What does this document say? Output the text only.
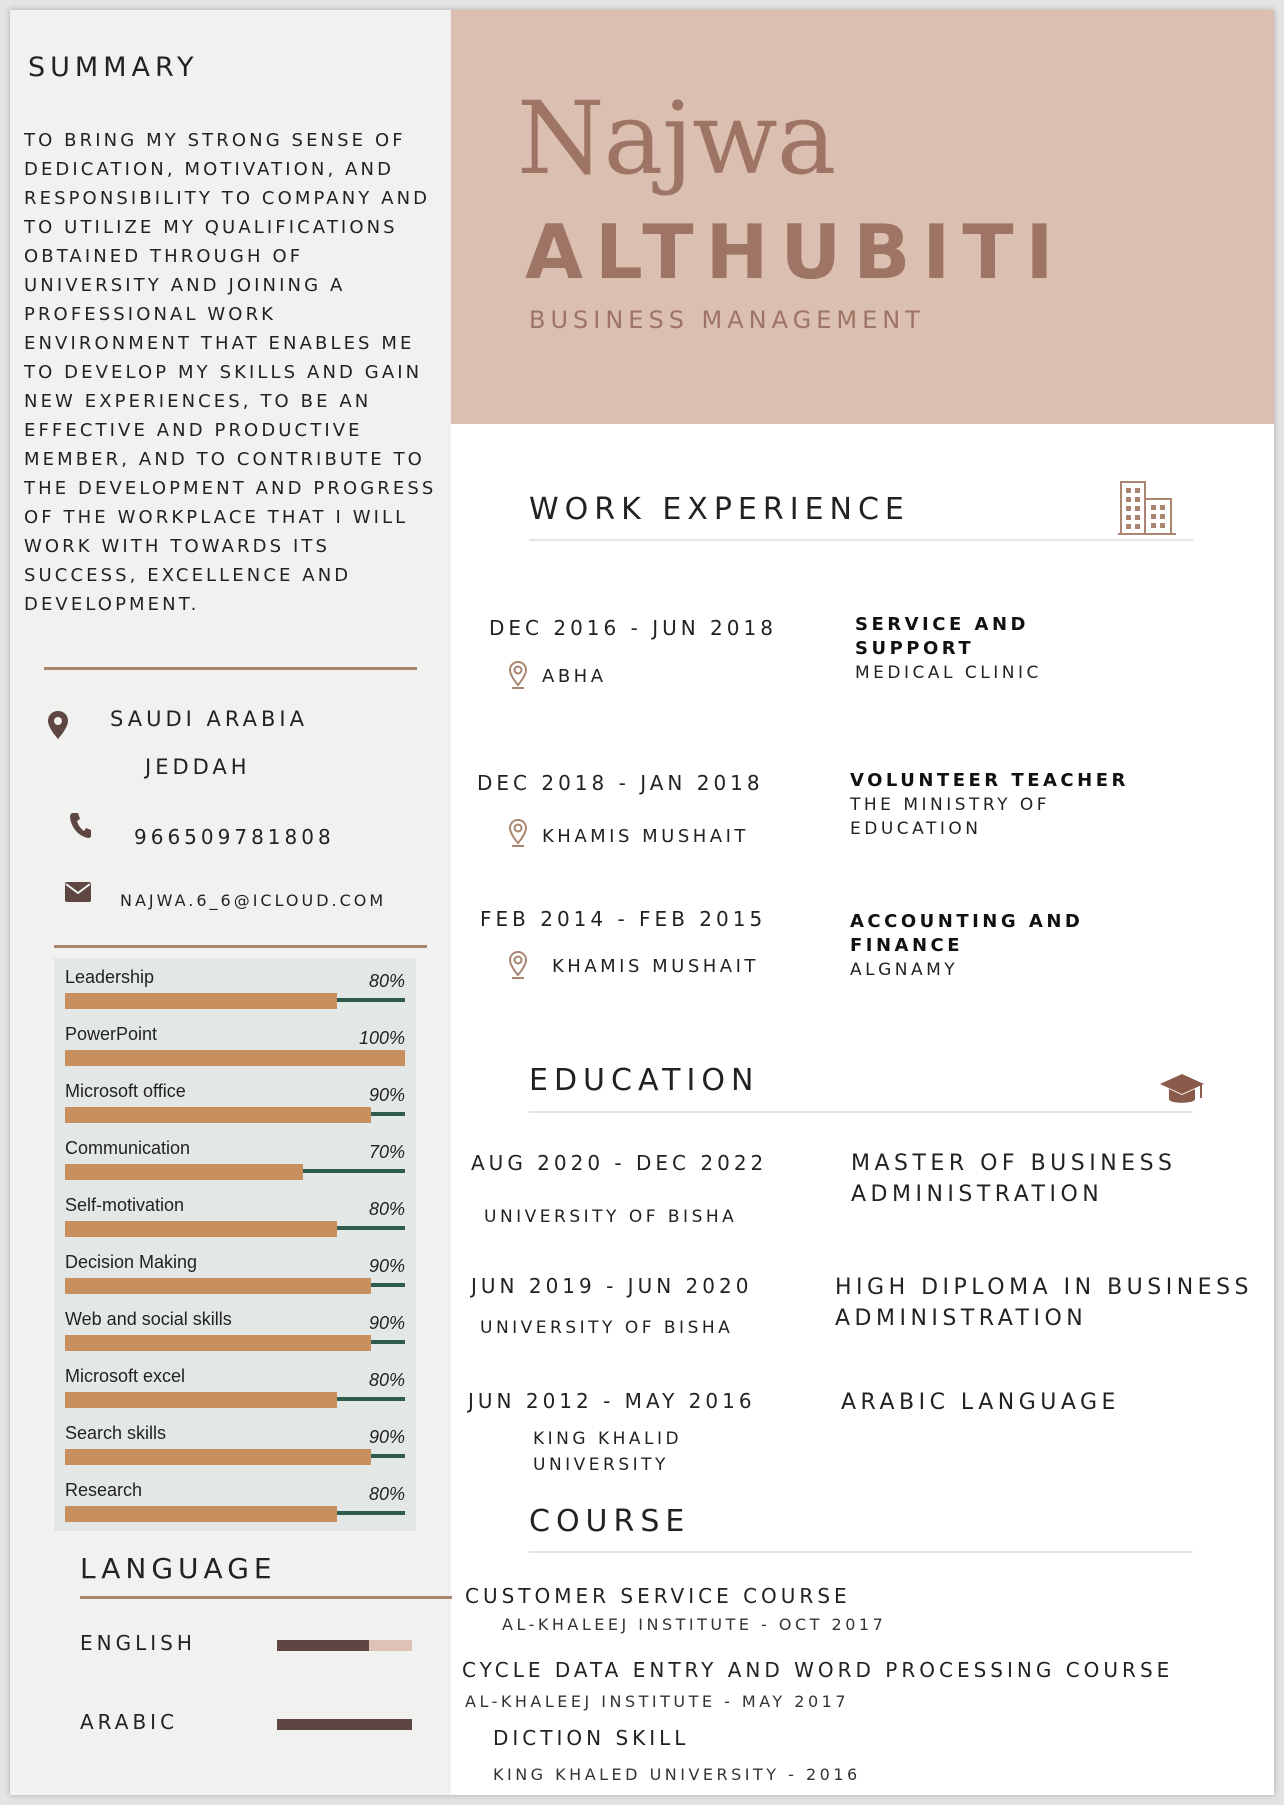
SUMMARY
TO BRING MY STRONG SENSE OF DEDICATION, MOTIVATION, AND RESPONSIBILITY TO COMPANY AND TO UTILIZE MY QUALIFICATIONS OBTAINED THROUGH OF UNIVERSITY AND JOINING A PROFESSIONAL WORK ENVIRONMENT THAT ENABLES ME TO DEVELOP MY SKILLS AND GAIN NEW EXPERIENCES, TO BE AN EFFECTIVE AND PRODUCTIVE MEMBER, AND TO CONTRIBUTE TO THE DEVELOPMENT AND PROGRESS OF THE WORKPLACE THAT I WILL WORK WITH TOWARDS ITS SUCCESS, EXCELLENCE AND DEVELOPMENT.
SAUDI ARABIA
JEDDAH
966509781808
NAJWA.6_6@ICLOUD.COM
Leadership	80%
PowerPoint	100%
Microsoft office	90%
Communication	70%
Self-motivation	80%
Decision Making	90%
Web and social skills	90%
Microsoft excel	80%
Search skills	90%
Research	80%
LANGUAGE
ENGLISH
ARABIC
Najwa
ALTHUBITI
BUSINESS MANAGEMENT
WORK EXPERIENCE
DEC 2016 - JUN 2018
ABHA
SERVICE AND SUPPORT
MEDICAL CLINIC
DEC 2018 - JAN 2018
KHAMIS MUSHAIT
VOLUNTEER TEACHER
THE MINISTRY OF EDUCATION
FEB 2014 - FEB 2015
KHAMIS MUSHAIT
ACCOUNTING AND FINANCE
ALGNAMY
EDUCATION
AUG 2020 - DEC 2022
UNIVERSITY OF BISHA
MASTER OF BUSINESS ADMINISTRATION
JUN 2019 - JUN 2020
UNIVERSITY OF BISHA
HIGH DIPLOMA IN BUSINESS ADMINISTRATION
JUN 2012 - MAY 2016
KING KHALID UNIVERSITY
ARABIC LANGUAGE
COURSE
CUSTOMER SERVICE COURSE
AL-KHALEEJ INSTITUTE - OCT 2017
CYCLE DATA ENTRY AND WORD PROCESSING COURSE
AL-KHALEEJ INSTITUTE - MAY 2017
DICTION SKILL
KING KHALED UNIVERSITY - 2016
